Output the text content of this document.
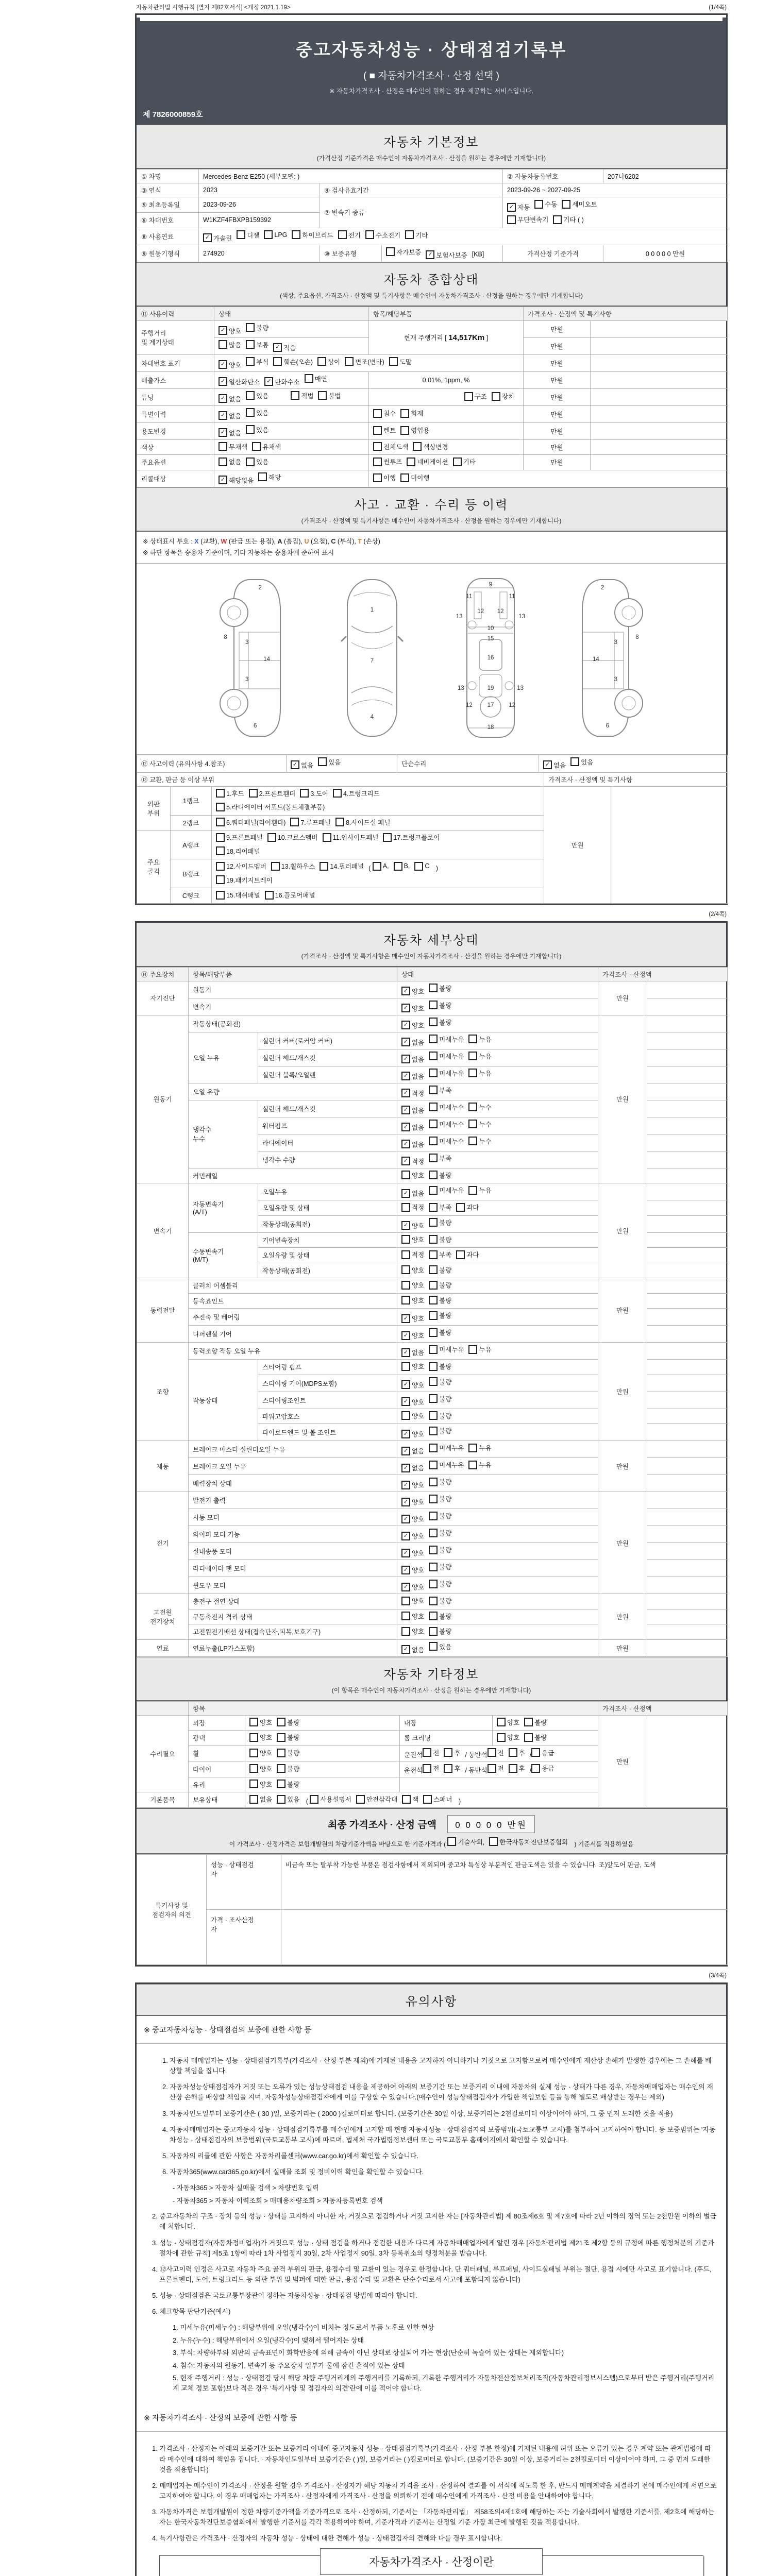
자동차관리법 시행규칙 [별지 제82호서식] <개정 2021.1.19>	(1/4쪽)
중고자동차성능 · 상태점검기록부
( ■ 자동차가격조사 · 산정 선택 )
※ 자동차가격조사 · 산정은 매수인이 원하는 경우 제공하는 서비스입니다.
제 7826000859호
자동차 기본정보
(가격산정 기준가격은 매수인이 자동차가격조사 · 산정을 원하는 경우에만 기재합니다)
① 차명	Mercedes-Benz E250 (세부모델: )			② 자동차등록번호	207나6202
③ 연식	2023	④ 검사유효기간		2023-09-26 ~ 2027-09-25	
⑤ 최초등록일	2023-09-26	⑦ 변속기 종류	
✓ 자동 수동 세미오토
무단변속기 기타 ( )

⑥ 차대번호	W1KZF4FBXPB159392				
⑧ 사용연료	✓ 가솔린 디젤 LPG 하이브리드 전기 수소전기 기타

⑨ 원동기형식	274920	⑩ 보증유형	자가보증 ✓ 보험사보증 [KB]	가격산정 기준가격	0 0 0 0 0 만원
자동차 종합상태
(색상, 주요옵션, 가격조사 · 산정액 및 특기사항은 매수인이 자동차가격조사 · 산정을 원하는 경우에만 기재합니다)
⑪ 사용이력	상태	항목/해당부품	가격조사 · 산정액 및 특기사항	
주행거리
및 계기상태	✓ 양호 불량	현재 주행거리 [ 14,517Km ]	만원	

	많음 보통 ✓ 적음		만원	
차대번호 표기	✓ 양호 부식 훼손(오손) 상이 변조(변타) 도말	만원	
배출가스	✓ 일산화탄소 ✓ 탄화수소 매연	0.01%, 1ppm, %	만원	
튜닝	✓ 없음 있음 적법 불법	구조 장치	만원	
특별이력	✓ 없음 있음	침수 화재	만원	
용도변경	✓ 없음 있음	렌트 영업용	만원	
색상	무채색 유채색	전체도색 색상변경	만원	
주요옵션	없음 있음	썬루프 네비게이션 기타	만원	
리콜대상	✓ 해당없음 해당	이행 미이행		
사고 · 교환 · 수리 등 이력
(가격조사 · 산정액 및 특기사항은 매수인이 자동차가격조사 · 산정을 원하는 경우에만 기재합니다)
※ 상태표시 부호 : X (교환), W (판금 또는 용접), A (흠집), U (요철), C (부식), T (손상)
※ 하단 항목은 승용차 기준이며, 기타 자동차는 승용차에 준하여 표시
2
8
3
14
3
6
1
7
4
9
11	11
13
12 12
13
10
15
16
13	19	13
12	17	12
18
2
3
8
14
3
6
⑫ 사고이력 (유의사항 4.참조)	✓ 없음 있음	단순수리	✓ 없음 있음
⑬ 교환, 판금 등 이상 부위			가격조사 · 산정액 및 특기사항	
외판
부위	1랭크	1.후드 2.프론트휀더 3.도어 4.트렁크리드
5.라디에이터 서포트(볼트체결부품)	만원	
	2랭크	6.쿼터패널(리어휀다) 7.루프패널 8.사이드실 패널		

주요
골격	A랭크	9.프론트패널 10.크로스멤버 11.인사이드패널 17.트렁크플로어
18.리어패널		

B랭크	
12.사이드멤버 13.휠하우스 14.필러패널 ( A, B, C )
19.패키지트레이

	C랭크	15.대쉬패널 16.플로어패널		
(2/4쪽)
자동차 세부상태
(가격조사 · 산정액 및 특기사항은 매수인이 자동차가격조사 · 산정을 원하는 경우에만 기재합니다)
⑭ 주요장치	항목/해당부품		상태	가격조사 · 산정액	
자기진단	원동기		✓ 양호 불량	만원	
	변속기		✓ 양호 불량		

원동기	작동상태(공회전)		✓ 양호 불량	만원	
	오일 누유	실린더 커버(로커암 커버)	✓ 없음 미세누유 누유		

		실린더 헤드/개스킷	✓ 없음 미세누유 누유		

		실린더 블록/오일팬	✓ 없음 미세누유 누유		

	오일 유량		✓ 적정 부족		

	냉각수
누수	실린더 헤드/개스킷	✓ 없음 미세누수 누수		

		워터펌프	✓ 없음 미세누수 누수		

		라디에이터	✓ 없음 미세누수 누수		

		냉각수 수량	✓ 적정 부족		

	커먼레일		양호 불량		

변속기	자동변속기
(A/T)	오일누유	✓ 없음 미세누유 누유	만원	
		오일유량 및 상태	적정 부족 과다		

		작동상태(공회전)	✓ 양호 불량		

	수동변속기
(M/T)	기어변속장치	양호 불량		

		오일유량 및 상태	적정 부족 과다		

		작동상태(공회전)	양호 불량		

동력전달	클러치 어셈블리		양호 불량	만원	
	등속죠인트		양호 불량		

	추진축 및 베어링		✓ 양호 불량		

	디퍼렌셜 기어		✓ 양호 불량		

조향	동력조향 작동 오일 누유		✓ 없음 미세누유 누유	만원	
	작동상태	스티어링 펌프	양호 불량		

		스티어링 기어(MDPS포함)	✓ 양호 불량		

		스티어링조인트	✓ 양호 불량		

		파워고압호스	양호 불량		

		타이로드엔드 및 볼 조인트	✓ 양호 불량		

제동	브레이크 마스터 실린더오일 누유		✓ 없음 미세누유 누유	만원	
	브레이크 오일 누유		✓ 없음 미세누유 누유		

	배력장치 상태		✓ 양호 불량		

전기	발전기 출력		✓ 양호 불량	만원	
	시동 모터		✓ 양호 불량		

	와이퍼 모터 기능		✓ 양호 불량		

	실내송풍 모터		✓ 양호 불량		

	라디에이터 팬 모터		✓ 양호 불량		

	윈도우 모터		✓ 양호 불량		

고전원
전기장치	충전구 절연 상태		양호 불량	만원	
	구동축전지 격리 상태		양호 불량		

	고전원전기배선 상태(접속단자,피복,보호기구)		양호 불량		

연료	연료누출(LP가스포함)		✓ 없음 있음	만원	
자동차 기타정보
(이 항목은 매수인이 자동차가격조사 · 산정을 원하는 경우에만 기재합니다)
	항목				가격조사 · 산정액	
수리필요	외장	양호 불량	내장	양호 불량	만원	
	광택	양호 불량	룸 크리닝	양호 불량		

휠	양호 불량	운전석 전 후 / 동반석 전 후 / 응급

타이어	양호 불량	운전석 전 후 / 동반석 전 후 / 응급

	유리	양호 불량				

기본품목	보유상태	없음 있음 ( 사용설명서 안전삼각대 잭 스패너 )
최종 가격조사 · 산정 금액 0 0 0 0 0 만원
이 가격조사 · 산정가격은 보험개발원의 차량기준가액을 바탕으로 한 기준가격과 ( 기술사회, 한국자동차진단보증협회 ) 기준서를 적용하였음
특기사항 및
점검자의 의견	성능 · 상태점검
자	비금속 또는 탈부착 가능한 부품은 점검사항에서 제외되며 중고차 특성상 부분적인 판금도색은 있을 수 있습니다. 조)앞도어 판금, 도색
	가격 · 조사산정
자	
(3/4쪽)
유의사항
※ 중고자동차성능 · 상태점검의 보증에 관한 사항 등
1. 자동차 매매업자는 성능 · 상태점검기록부(가격조사 · 산정 부분 제외)에 기재된 내용을 고지하지 아니하거나 거짓으로 고지함으로써 매수인에게 재산상 손해가 발생한 경우에는 그 손해를 배상할 책임을 집니다.
2. 자동차성능상태점검자가 거짓 또는 오류가 있는 성능상태점검 내용을 제공하여 아래의 보증기간 또는 보증거리 이내에 자동차의 실제 성능 · 상태가 다른 경우, 자동차매매업자는 매수인의 재산상 손해를 배상할 책임을 지며, 자동차성능상태점검자에게 이를 구상할 수 있습니다.(매수인이 성능상태점검자가 가입한 책임보험 등을 통해 별도로 배상받는 경우는 제외)
3. 자동차인도일부터 보증기간은 ( 30 )일, 보증거리는 ( 2000 )킬로미터로 합니다. (보증기간은 30일 이상, 보증거리는 2천킬로미터 이상이어야 하며, 그 중 먼저 도래한 것을 적용)
4. 자동차매매업자는 중고자동차 성능 · 상태점검기록부를 매수인에게 고지할 때 현행 자동차성능 · 상태점검자의 보증범위(국토교통부 고시)를 첨부하여 고지하여야 합니다. 동 보증범위는 '자동차성능 · 상태점검자의 보증범위'(국토교통부 고시)에 따르며, 법제처 국가법령정보센터 또는 국토교통부 홈페이지에서 확인할 수 있습니다.
5. 자동차의 리콜에 관한 사항은 자동차리콜센터(www.car.go.kr)에서 확인할 수 있습니다.
6. 자동차365(www.car365.go.kr)에서 실매물 조회 및 정비이력 확인을 확인할 수 있습니다.
- 자동차365 > 자동차 실매물 검색 > 차량번호 입력
- 자동차365 > 자동차 이력조회 > 매매용차량조회 > 자동차등록번호 검색
2. 중고자동차의 구조 · 장치 등의 성능 · 상태를 고지하지 아니한 자, 거짓으로 점검하거나 거짓 고지한 자는 [자동차관리법] 제 80조제6호 및 제7호에 따라 2년 이하의 징역 또는 2천만원 이하의 벌금에 처합니다.
3. 성능 · 상태점검자(자동차정비업자)가 거짓으로 성능 · 상태 점검을 하거나 점검한 내용과 다르게 자동차매매업자에게 알린 경우 [자동차관리법 제21조 제2항 등의 규정에 따른 행정처분의 기준과 절차에 관한 규칙] 제5조 1항에 따라 1차 사업정지 30일, 2차 사업정지 90일, 3차 등록취소의 행정처분을 받습니다.
4. ⑫사고이력 인정은 사고로 자동차 주요 골격 부위의 판금, 용접수리 및 교환이 있는 경우로 한정합니다. 단 쿼터패널, 루프패널, 사이드실패널 부위는 절단, 용접 시에만 사고로 표기합니다. (후드, 프론트펜더, 도어, 트렁크리드 등 외판 부위 및 범퍼에 대한 판금, 용접수리 및 교환은 단순수리로서 사고에 포함되지 않습니다)
5. 성능 · 상태점검은 국토교통부장관이 정하는 자동차성능 · 상태점검 방법에 따라야 합니다.
6. 체크항목 판단기준(예시)
1. 미세누유(미세누수) : 해당부위에 오일(냉각수)이 비치는 정도로서 부품 노후로 인한 현상
2. 누유(누수) : 해당부위에서 오일(냉각수)이 맺혀서 떨어지는 상태
3. 부식: 차량하부와 외판의 금속표면이 화학반응에 의해 금속이 아닌 상태로 상실되어 가는 현상(단순히 녹슬어 있는 상태는 제외합니다)
4. 침수: 자동차의 원동기, 변속기 등 주요장치 일부가 물에 잠긴 흔적이 있는 상태
5. 현재 주행거리 : 성능 · 상태점검 당시 해당 차량 주행거리계의 주행거리를 기록하되, 기록한 주행거리가 자동차전산정보처리조직(자동차관리정보시스템)으로부터 받은 주행거리(주행거리계 교체 정보 포함)보다 적은 경우 '특기사항 및 점검자의 의견'란에 이를 적어야 합니다.
※ 자동차가격조사 · 산정의 보증에 관한 사항 등
1. 가격조사 · 산정자는 아래의 보증기간 또는 보증거리 이내에 중고자동차 성능 · 상태점검기록부(가격조사 · 산정 부분 한정)에 기재된 내용에 허위 또는 오류가 있는 경우 계약 또는 관계법령에 따라 매수인에 대하여 책임을 집니다. · 자동차인도일부터 보증기간은 ( )일, 보증거리는 ( )킬로미터로 합니다. (보증기간은 30일 이상, 보증거리는 2천킬로미터 이상이어야 하며, 그 중 먼저 도래한 것을 적용합니다)
2. 매매업자는 매수인이 가격조사 · 산정을 원할 경우 가격조사 · 산정자가 해당 자동차 가격을 조사 · 산정하여 결과를 이 서식에 적도록 한 후, 반드시 매매계약을 체결하기 전에 매수인에게 서면으로 고지하여야 합니다. 이 경우 매매업자는 가격조사 · 산정자에게 가격조사 · 산정을 의뢰하기 전에 매수인에게 가격조사 · 산정 비용을 안내하여야 합니다.
3. 자동차가격은 보험개발원이 정한 차량기준가액을 기준가격으로 조사 · 산정하되, 기준서는 「자동차관리법」 제58조의4제1호에 해당하는 자는 기술사회에서 발행한 기준서를, 제2호에 해당하는 자는 한국자동차진단보증협회에서 발행한 기준서를 각각 적용하여야 하며, 기준가격과 기준서는 산정일 기준 가장 최근에 발행된 것을 적용합니다.
4. 특기사항란은 가격조사 · 산정자의 자동차 성능 · 상태에 대한 견해가 성능 · 상태점검자의 견해와 다를 경우 표시합니다.
자동차가격조사 · 산정이란
